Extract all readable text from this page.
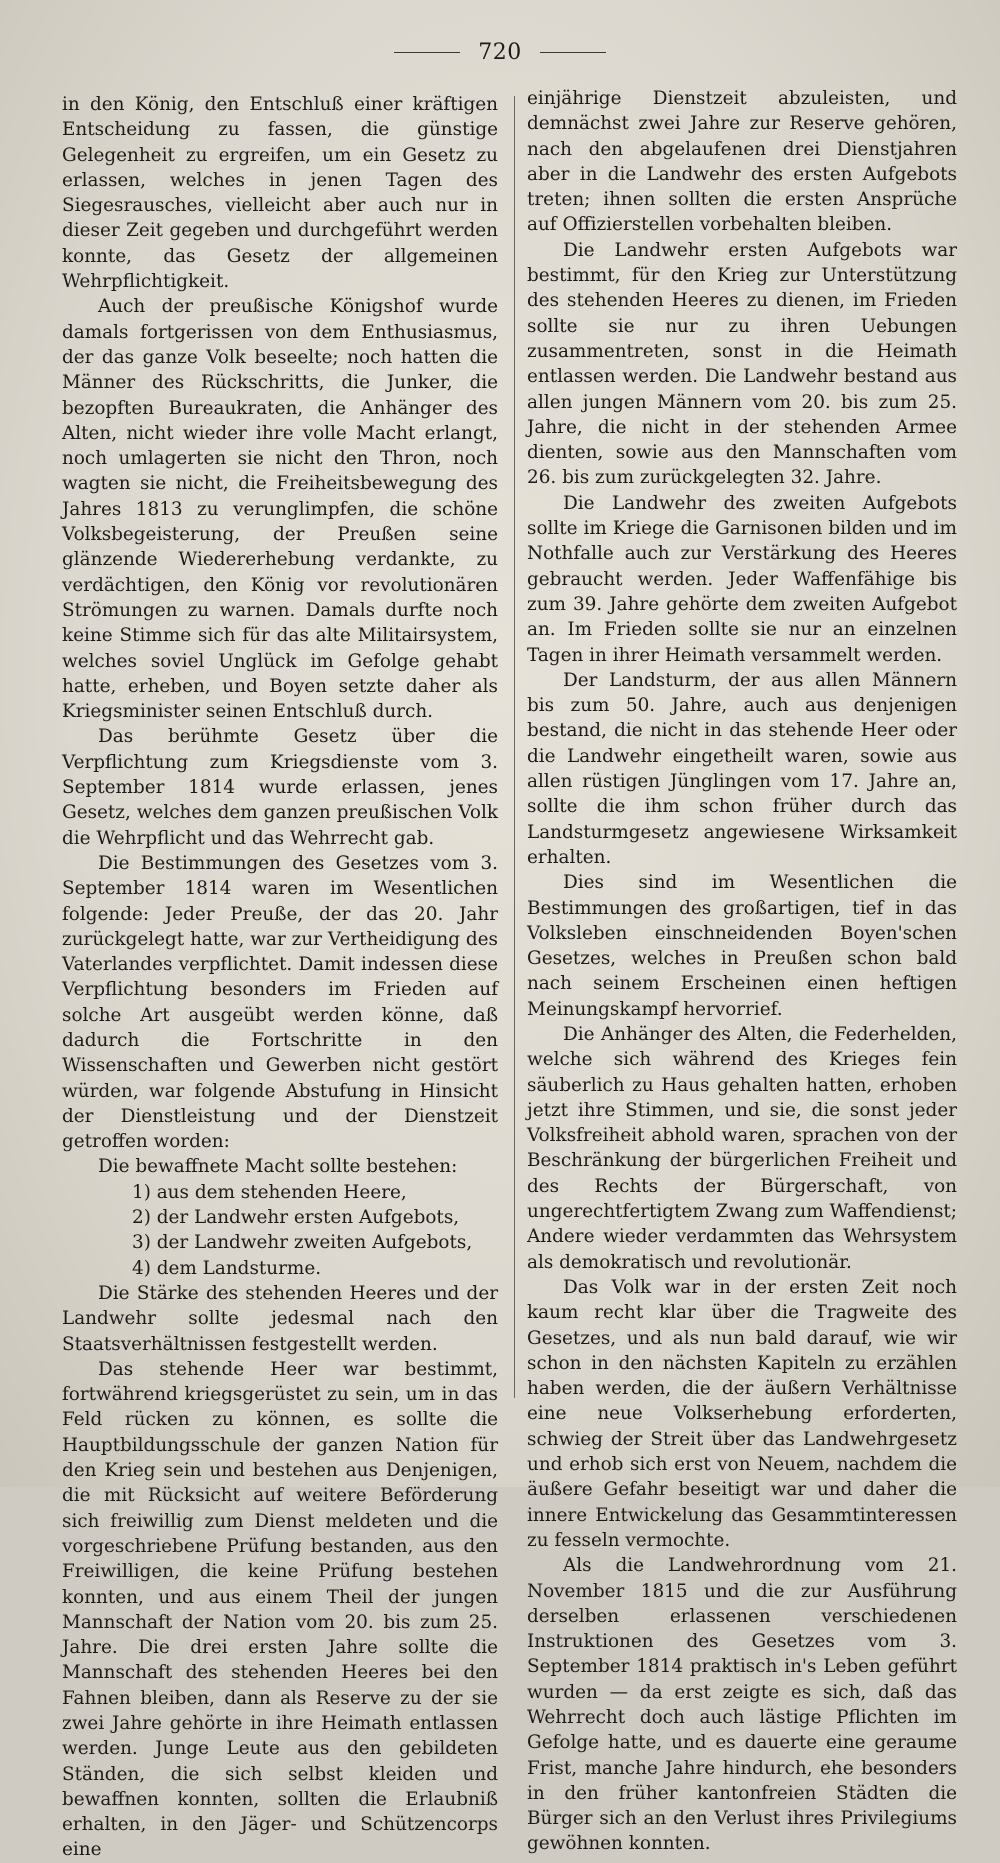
720

in den König, den Entschluß einer kräftigen Entscheidung zu fassen, die günstige Gelegenheit zu ergreifen, um ein Gesetz zu erlassen, welches in jenen Tagen des Siegesrausches, vielleicht aber auch nur in dieser Zeit gegeben und durchgeführt werden konnte, das Gesetz der allgemeinen Wehrpflichtigkeit.

Auch der preußische Königshof wurde damals fortgerissen von dem Enthusiasmus, der das ganze Volk beseelte; noch hatten die Männer des Rückschritts, die Junker, die bezopften Bureaukraten, die Anhänger des Alten, nicht wieder ihre volle Macht erlangt, noch umlagerten sie nicht den Thron, noch wagten sie nicht, die Freiheitsbewegung des Jahres 1813 zu verunglimpfen, die schöne Volksbegeisterung, der Preußen seine glänzende Wiedererhebung verdankte, zu verdächtigen, den König vor revolutionären Strömungen zu warnen. Damals durfte noch keine Stimme sich für das alte Militairsystem, welches soviel Unglück im Gefolge gehabt hatte, erheben, und Boyen setzte daher als Kriegsminister seinen Entschluß durch.

Das berühmte Gesetz über die Verpflichtung zum Kriegsdienste vom 3. September 1814 wurde erlassen, jenes Gesetz, welches dem ganzen preußischen Volk die Wehrpflicht und das Wehrrecht gab.

Die Bestimmungen des Gesetzes vom 3. September 1814 waren im Wesentlichen folgende: Jeder Preuße, der das 20. Jahr zurückgelegt hatte, war zur Vertheidigung des Vaterlandes verpflichtet. Damit indessen diese Verpflichtung besonders im Frieden auf solche Art ausgeübt werden könne, daß dadurch die Fortschritte in den Wissenschaften und Gewerben nicht gestört würden, war folgende Abstufung in Hinsicht der Dienstleistung und der Dienstzeit getroffen worden:

Die bewaffnete Macht sollte bestehen:

1) aus dem stehenden Heere,

2) der Landwehr ersten Aufgebots,

3) der Landwehr zweiten Aufgebots,

4) dem Landsturme.

Die Stärke des stehenden Heeres und der Landwehr sollte jedesmal nach den Staatsverhältnissen festgestellt werden.

Das stehende Heer war bestimmt, fortwährend kriegsgerüstet zu sein, um in das Feld rücken zu können, es sollte die Hauptbildungsschule der ganzen Nation für den Krieg sein und bestehen aus Denjenigen, die mit Rücksicht auf weitere Beförderung sich freiwillig zum Dienst meldeten und die vorgeschriebene Prüfung bestanden, aus den Freiwilligen, die keine Prüfung bestehen konnten, und aus einem Theil der jungen Mannschaft der Nation vom 20. bis zum 25. Jahre. Die drei ersten Jahre sollte die Mannschaft des stehenden Heeres bei den Fahnen bleiben, dann als Reserve zu der sie zwei Jahre gehörte in ihre Heimath entlassen werden. Junge Leute aus den gebildeten Ständen, die sich selbst kleiden und bewaffnen konnten, sollten die Erlaubniß erhalten, in den Jäger- und Schützencorps eine

einjährige Dienstzeit abzuleisten, und demnächst zwei Jahre zur Reserve gehören, nach den abgelaufenen drei Dienstjahren aber in die Landwehr des ersten Aufgebots treten; ihnen sollten die ersten Ansprüche auf Offizierstellen vorbehalten bleiben.

Die Landwehr ersten Aufgebots war bestimmt, für den Krieg zur Unterstützung des stehenden Heeres zu dienen, im Frieden sollte sie nur zu ihren Uebungen zusammentreten, sonst in die Heimath entlassen werden. Die Landwehr bestand aus allen jungen Männern vom 20. bis zum 25. Jahre, die nicht in der stehenden Armee dienten, sowie aus den Mannschaften vom 26. bis zum zurückgelegten 32. Jahre.

Die Landwehr des zweiten Aufgebots sollte im Kriege die Garnisonen bilden und im Nothfalle auch zur Verstärkung des Heeres gebraucht werden. Jeder Waffenfähige bis zum 39. Jahre gehörte dem zweiten Aufgebot an. Im Frieden sollte sie nur an einzelnen Tagen in ihrer Heimath versammelt werden.

Der Landsturm, der aus allen Männern bis zum 50. Jahre, auch aus denjenigen bestand, die nicht in das stehende Heer oder die Landwehr eingetheilt waren, sowie aus allen rüstigen Jünglingen vom 17. Jahre an, sollte die ihm schon früher durch das Landsturmgesetz angewiesene Wirksamkeit erhalten.

Dies sind im Wesentlichen die Bestimmungen des großartigen, tief in das Volksleben einschneidenden Boyen'schen Gesetzes, welches in Preußen schon bald nach seinem Erscheinen einen heftigen Meinungskampf hervorrief.

Die Anhänger des Alten, die Federhelden, welche sich während des Krieges fein säuberlich zu Haus gehalten hatten, erhoben jetzt ihre Stimmen, und sie, die sonst jeder Volksfreiheit abhold waren, sprachen von der Beschränkung der bürgerlichen Freiheit und des Rechts der Bürgerschaft, von ungerechtfertigtem Zwang zum Waffendienst; Andere wieder verdammten das Wehrsystem als demokratisch und revolutionär.

Das Volk war in der ersten Zeit noch kaum recht klar über die Tragweite des Gesetzes, und als nun bald darauf, wie wir schon in den nächsten Kapiteln zu erzählen haben werden, die der äußern Verhältnisse eine neue Volkserhebung erforderten, schwieg der Streit über das Landwehrgesetz und erhob sich erst von Neuem, nachdem die äußere Gefahr beseitigt war und daher die innere Entwickelung das Gesammtinteressen zu fesseln vermochte.

Als die Landwehrordnung vom 21. November 1815 und die zur Ausführung derselben erlassenen verschiedenen Instruktionen des Gesetzes vom 3. September 1814 praktisch in's Leben geführt wurden — da erst zeigte es sich, daß das Wehrrecht doch auch lästige Pflichten im Gefolge hatte, und es dauerte eine geraume Frist, manche Jahre hindurch, ehe besonders in den früher kantonfreien Städten die Bürger sich an den Verlust ihres Privilegiums gewöhnen konnten.
